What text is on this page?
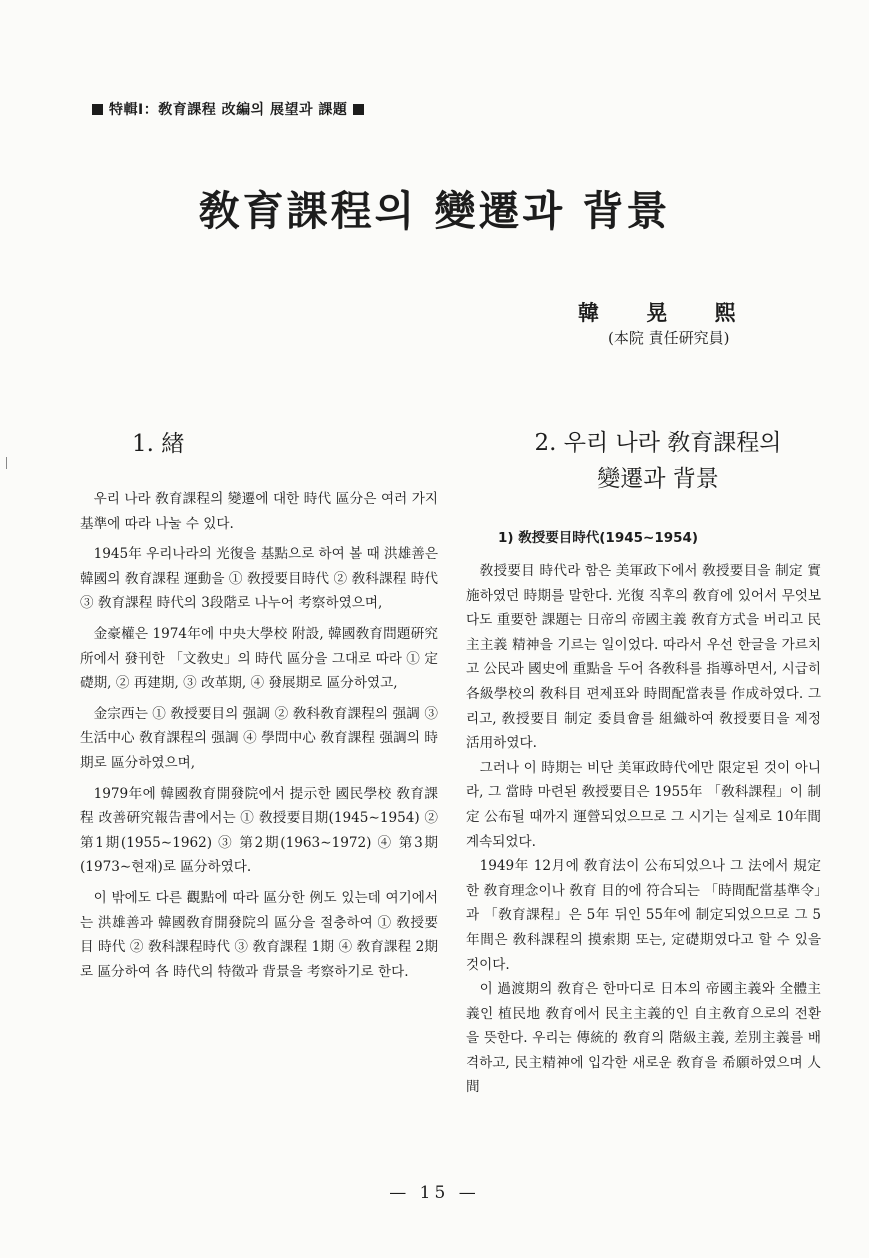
特輯Ⅰ：敎育課程 改編의 展望과 課題
敎育課程의 變遷과 背景
韓 晃 熙
(本院 責任硏究員)
1. 緖

우리 나라 敎育課程의 變遷에 대한 時代 區分은 여러 가지 基準에 따라 나눌 수 있다.

1945年 우리나라의 光復을 基點으로 하여 볼 때 洪雄善은 韓國의 敎育課程 運動을 ① 敎授要目時代 ② 敎科課程 時代 ③ 敎育課程 時代의 3段階로 나누어 考察하였으며,

金豪權은 1974年에 中央大學校 附設, 韓國敎育問題硏究所에서 發刊한 「文敎史」의 時代 區分을 그대로 따라 ① 定礎期, ② 再建期, ③ 改革期, ④ 發展期로 區分하였고,

金宗西는 ① 敎授要目의 强調 ② 敎科敎育課程의 强調 ③ 生活中心 敎育課程의 强調 ④ 學問中心 敎育課程 强調의 時期로 區分하였으며,

1979年에 韓國敎育開發院에서 提示한 國民學校 敎育課程 改善硏究報告書에서는 ① 敎授要目期(1945∼1954) ② 第1期(1955∼1962) ③ 第2期(1963∼1972) ④ 第3期(1973∼현재)로 區分하였다.

이 밖에도 다른 觀點에 따라 區分한 例도 있는데 여기에서는 洪雄善과 韓國敎育開發院의 區分을 절충하여 ① 敎授要目 時代 ② 敎科課程時代 ③ 敎育課程 1期 ④ 敎育課程 2期로 區分하여 各 時代의 特徵과 背景을 考察하기로 한다.

2. 우리 나라 敎育課程의
變遷과 背景
1) 敎授要目時代(1945∼1954)

敎授要目 時代라 함은 美軍政下에서 敎授要目을 制定 實施하였던 時期를 말한다. 光復 직후의 敎育에 있어서 무엇보다도 重要한 課題는 日帝의 帝國主義 敎育方式을 버리고 民主主義 精神을 기르는 일이었다. 따라서 우선 한글을 가르치고 公民과 國史에 重點을 두어 各敎科를 指導하면서, 시급히 各級學校의 敎科目 편제표와 時間配當表를 作成하였다. 그리고, 敎授要目 制定 委員會를 組織하여 敎授要目을 제정 活用하였다.

그러나 이 時期는 비단 美軍政時代에만 限定된 것이 아니라, 그 當時 마련된 敎授要目은 1955年 「敎科課程」이 制定 公布될 때까지 運營되었으므로 그 시기는 실제로 10年間 계속되었다.

1949年 12月에 敎育法이 公布되었으나 그 法에서 規定한 敎育理念이나 敎育 目的에 符合되는 「時間配當基準令」과 「敎育課程」은 5年 뒤인 55年에 制定되었으므로 그 5年間은 敎科課程의 摸索期 또는, 定礎期였다고 할 수 있을 것이다.

이 過渡期의 敎育은 한마디로 日本의 帝國主義와 全體主義인 植民地 敎育에서 民主主義的인 自主敎育으로의 전환을 뜻한다. 우리는 傳統的 敎育의 階級主義, 差別主義를 배격하고, 民主精神에 입각한 새로운 敎育을 希願하였으며 人間

— 15 —
